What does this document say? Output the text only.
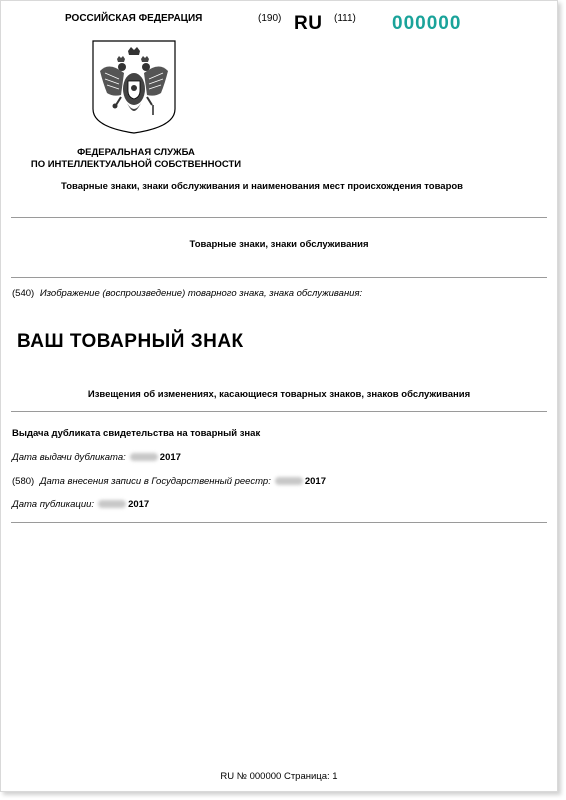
РОССИЙСКАЯ ФЕДЕРАЦИЯ	(190) RU (111) 000000
ФЕДЕРАЛЬНАЯ СЛУЖБА
ПО ИНТЕЛЛЕКТУАЛЬНОЙ СОБСТВЕННОСТИ
Товарные знаки, знаки обслуживания и наименования мест происхождения товаров
Товарные знаки, знаки обслуживания
(540) Изображение (воспроизведение) товарного знака, знака обслуживания:
ВАШ ТОВАРНЫЙ ЗНАК
Извещения об изменениях, касающиеся товарных знаков, знаков обслуживания
Выдача дубликата свидетельства на товарный знак
Дата выдачи дубликата:	2017
(580) Дата внесения записи в Государственный реестр:	2017
Дата публикации:	2017
RU № 000000 Страница: 1
